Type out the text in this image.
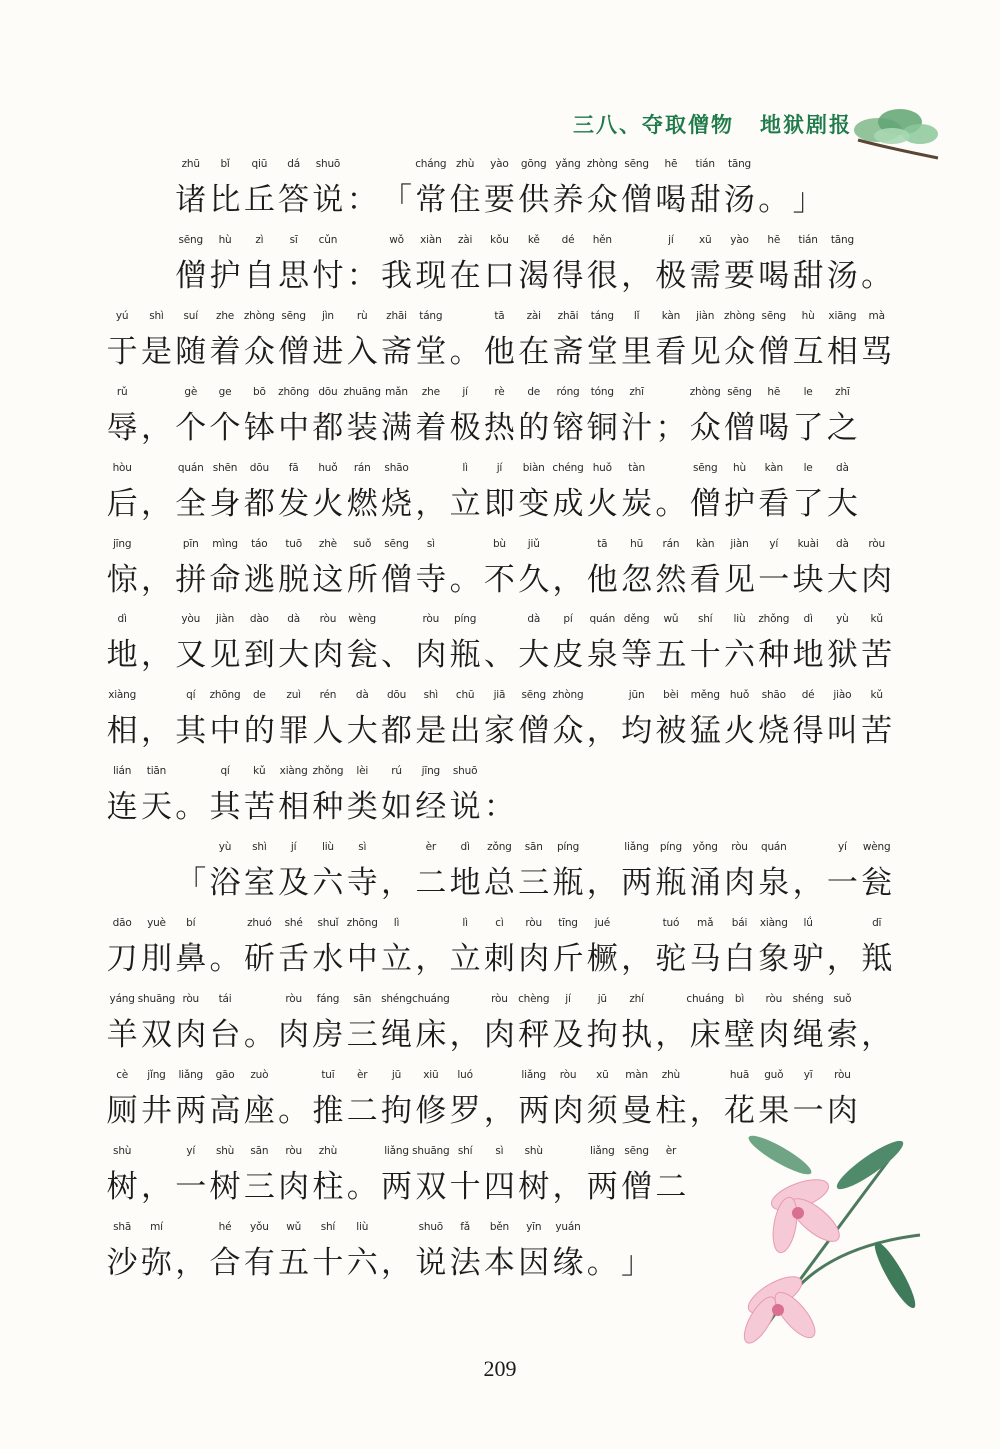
三八、夺取僧物 地狱剧报
zhū
诸
bǐ
比
qiū
丘
dá
答
shuō
说 ： 「
cháng
常
zhù
住
yào
要
gōng
供
yǎng
养
zhòng
众
sēng
僧
hē
喝
tián
甜
tāng
汤 。 」
sēng
僧
hù
护
zì
自
sī
思
cǔn
忖 ：
wǒ
我
xiàn
现
zài
在
kǒu
口
kě
渴
dé
得
hěn
很 ，
jí
极
xū
需
yào
要
hē
喝
tián
甜
tāng
汤 。
yú
于
shì
是
suí
随
zhe
着
zhòng
众
sēng
僧
jìn
进
rù
入
zhāi
斋
táng
堂 。
tā
他
zài
在
zhāi
斋
táng
堂
lǐ
里
kàn
看
jiàn
见
zhòng
众
sēng
僧
hù
互
xiāng
相
mà
骂
rǔ
辱 ，
gè
个
ge
个
bō
钵
zhōng
中
dōu
都
zhuāng
装
mǎn
满
zhe
着
jí
极
rè
热
de
的
róng
镕
tóng
铜
zhī
汁 ；
zhòng
众
sēng
僧
hē
喝
le
了
zhī
之
hòu
后 ，
quán
全
shēn
身
dōu
都
fā
发
huǒ
火
rán
燃
shāo
烧 ，
lì
立
jí
即
biàn
变
chéng
成
huǒ
火
tàn
炭 。
sēng
僧
hù
护
kàn
看
le
了
dà
大
jīng
惊 ，
pīn
拼
mìng
命
táo
逃
tuō
脱
zhè
这
suǒ
所
sēng
僧
sì
寺 。
bù
不
jiǔ
久 ，
tā
他
hū
忽
rán
然
kàn
看
jiàn
见
yí
一
kuài
块
dà
大
ròu
肉
dì
地 ，
yòu
又
jiàn
见
dào
到
dà
大
ròu
肉
wèng
瓮 、
ròu
肉
píng
瓶 、
dà
大
pí
皮
quán
泉
děng
等
wǔ
五
shí
十
liù
六
zhǒng
种
dì
地
yù
狱
kǔ
苦
xiàng
相 ，
qí
其
zhōng
中
de
的
zuì
罪
rén
人
dà
大
dōu
都
shì
是
chū
出
jiā
家
sēng
僧
zhòng
众 ，
jūn
均
bèi
被
měng
猛
huǒ
火
shāo
烧
dé
得
jiào
叫
kǔ
苦
lián
连
tiān
天 。
qí
其
kǔ
苦
xiàng
相
zhǒng
种
lèi
类
rú
如
jīng
经
shuō
说 ：
「
yù
浴
shì
室
jí
及
liù
六
sì
寺 ，
èr
二
dì
地
zǒng
总
sān
三
píng
瓶 ，
liǎng
两
píng
瓶
yǒng
涌
ròu
肉
quán
泉 ，
yí
一
wèng
瓮
dāo
刀
yuè
刖
bí
鼻 。
zhuó
斫
shé
舌
shuǐ
水
zhōng
中
lì
立 ，
lì
立
cì
刺
ròu
肉
tīng
斤
jué
橛 ，
tuó
驼
mǎ
马
bái
白
xiàng
象
lǘ
驴 ，
dī
羝
yáng
羊
shuāng
双
ròu
肉
tái
台 。
ròu
肉
fáng
房
sān
三
shéng
绳
chuáng
床 ，
ròu
肉
chèng
秤
jí
及
jū
拘
zhí
执 ，
chuáng
床
bì
壁
ròu
肉
shéng
绳
suǒ
索 ，
cè
厕
jǐng
井
liǎng
两
gāo
高
zuò
座 。
tuī
推
èr
二
jū
拘
xiū
修
luó
罗 ，
liǎng
两
ròu
肉
xū
须
màn
曼
zhù
柱 ，
huā
花
guǒ
果
yī
一
ròu
肉
shù
树 ，
yí
一
shù
树
sān
三
ròu
肉
zhù
柱 。
liǎng
两
shuāng
双
shí
十
sì
四
shù
树 ，
liǎng
两
sēng
僧
èr
二
shā
沙
mí
弥 ，
hé
合
yǒu
有
wǔ
五
shí
十
liù
六 ，
shuō
说
fǎ
法
běn
本
yīn
因
yuán
缘 。 」
209
